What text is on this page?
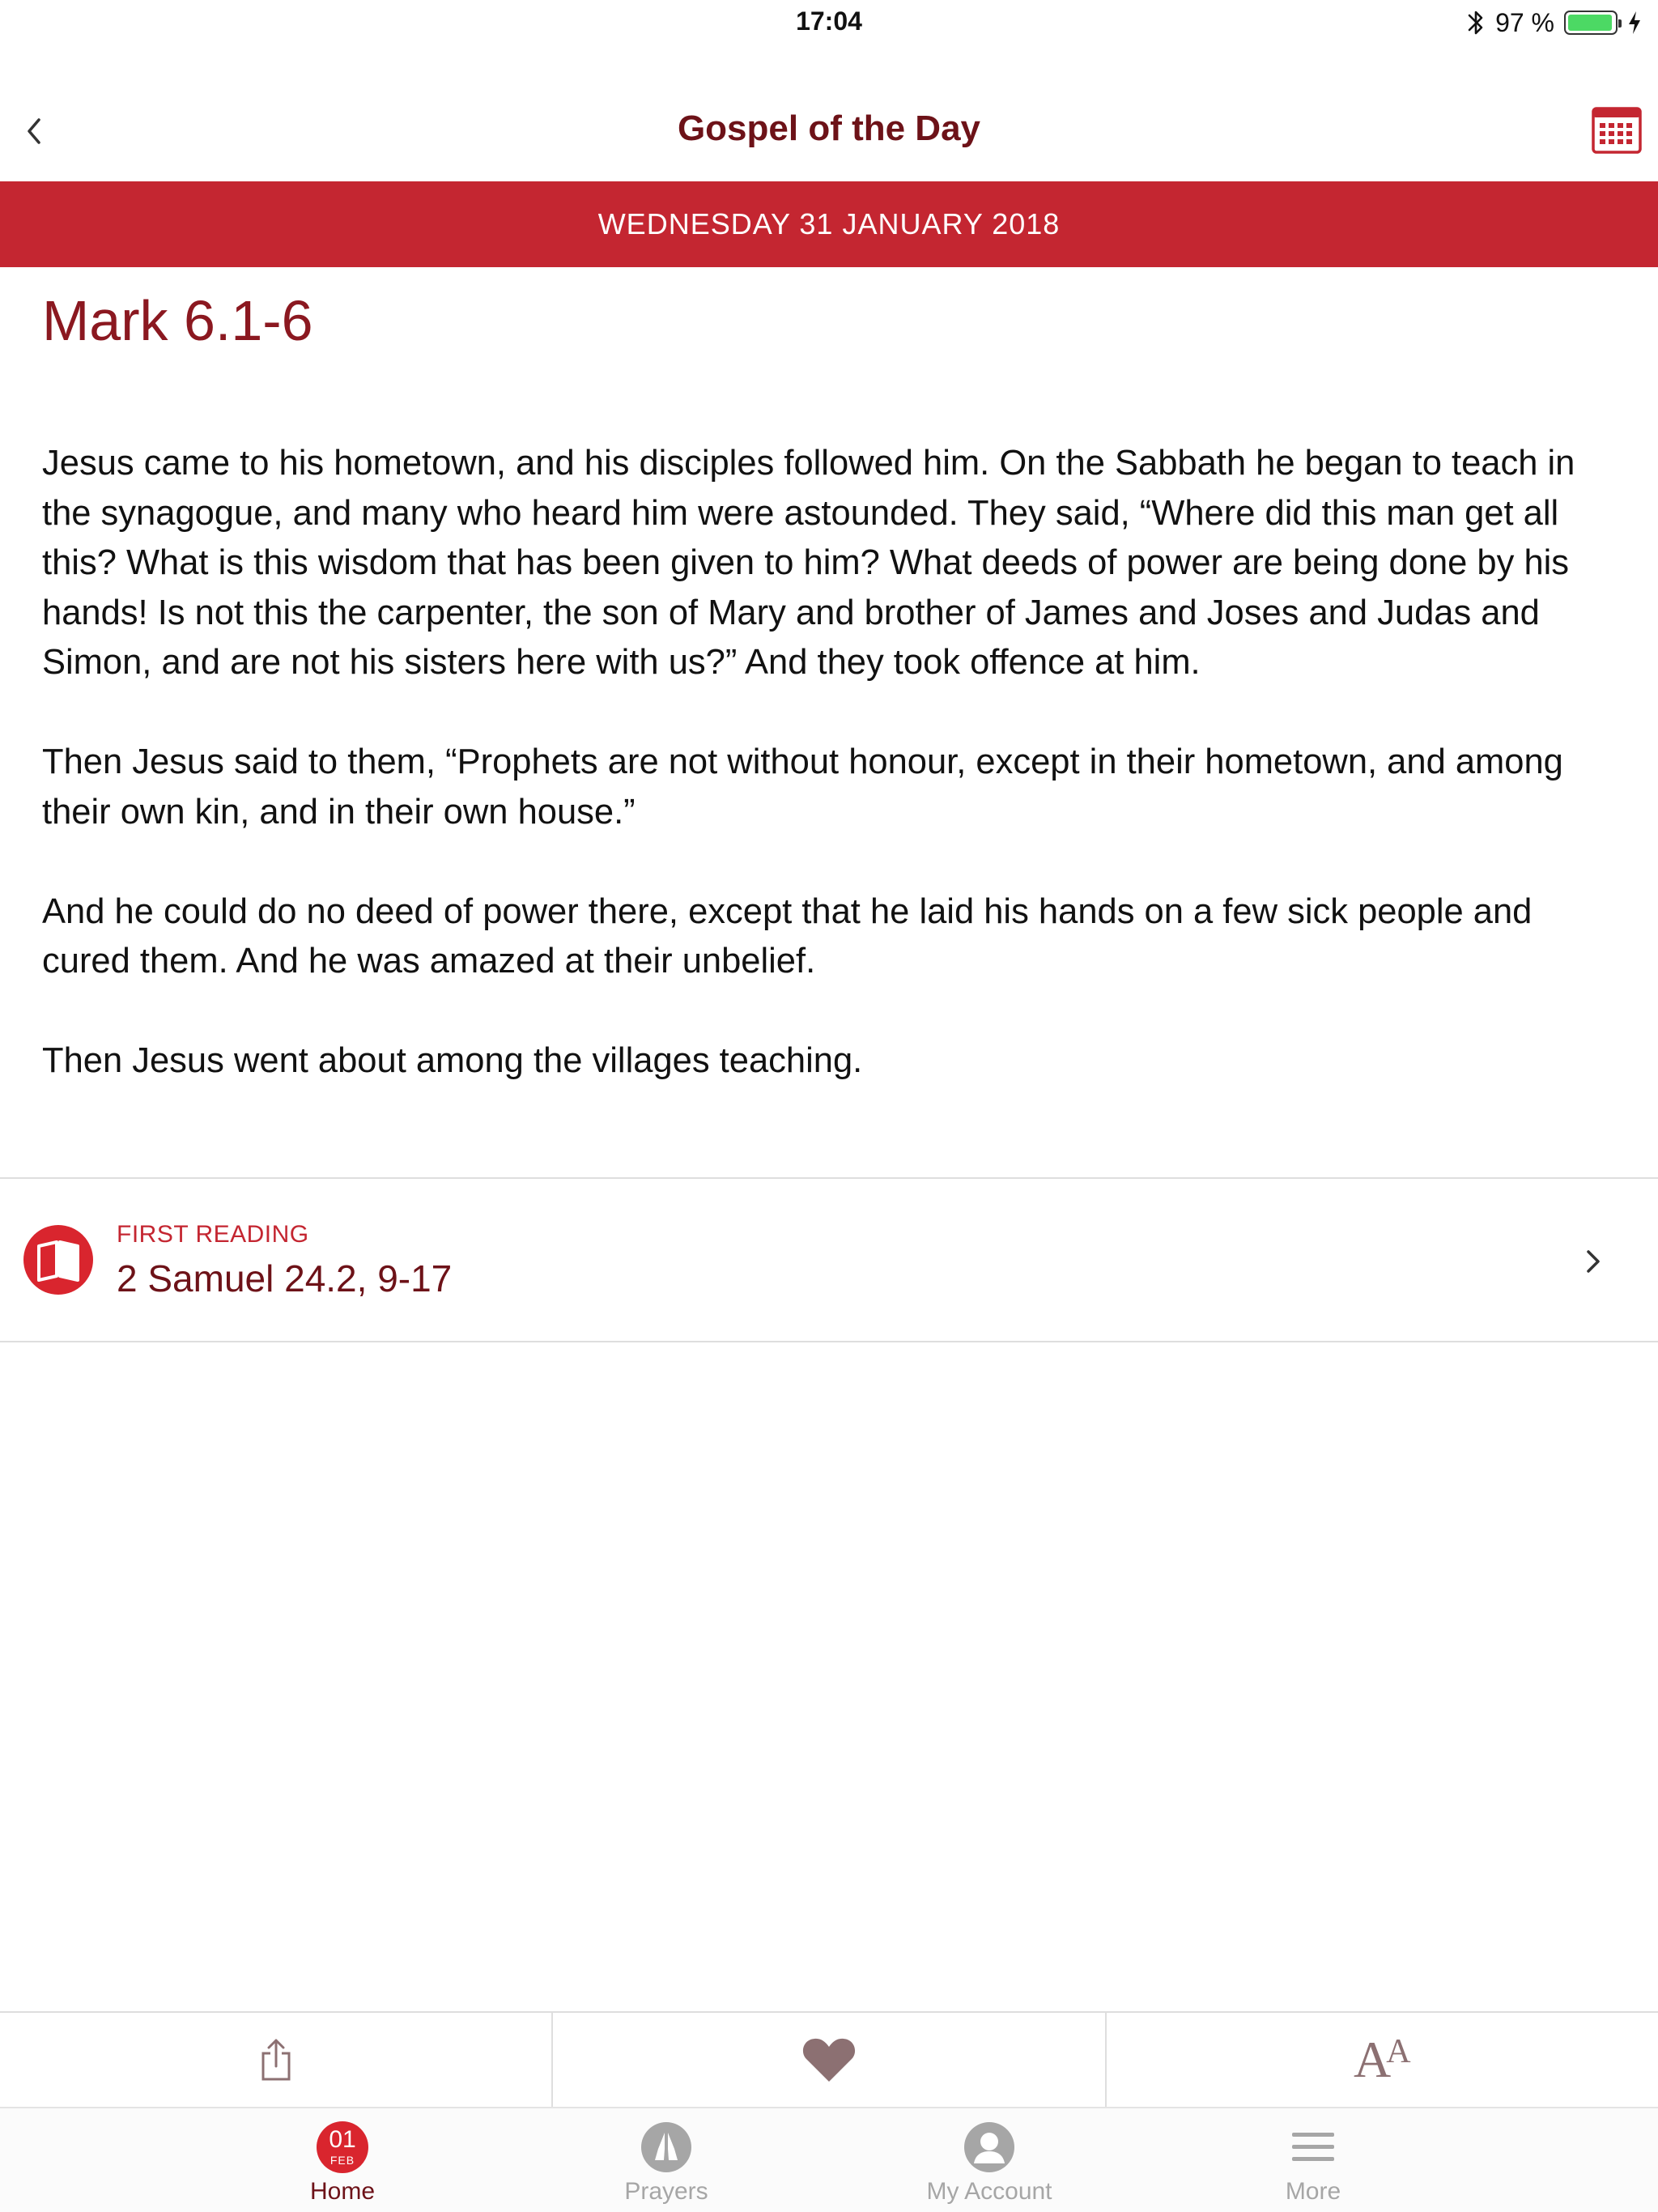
17:04	97 %
Gospel of the Day
WEDNESDAY 31 JANUARY 2018
Mark 6.1-6

Jesus came to his hometown, and his disciples followed him. On the Sabbath he began to teach in the synagogue, and many who heard him were astounded. They said, “Where did this man get all this? What is this wisdom that has been given to him? What deeds of power are being done by his hands! Is not this the carpenter, the son of Mary and brother of James and Joses and Judas and Simon, and are not his sisters here with us?” And they took offence at him.

Then Jesus said to them, “Prophets are not without honour, except in their hometown, and among their own kin, and in their own house.”

And he could do no deed of power there, except that he laid his hands on a few sick people and cured them. And he was amazed at their unbelief.

Then Jesus went about among the villages teaching.

FIRST READING
2 Samuel 24.2, 9-17
AA
01
FEB
Home	Prayers	My Account	More
